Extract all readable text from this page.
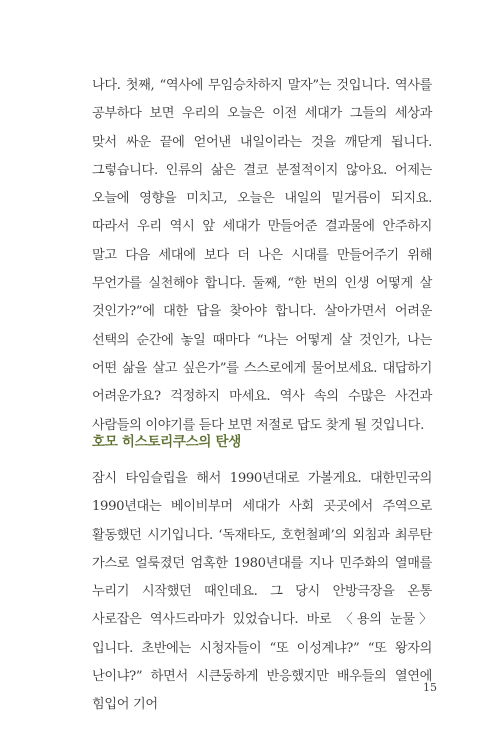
나다. 첫째, “역사에 무임승차하지 말자”는 것입니다. 역사를 공부하다 보면 우리의 오늘은 이전 세대가 그들의 세상과 맞서 싸운 끝에 얻어낸 내일이라는 것을 깨닫게 됩니다. 그렇습니다. 인류의 삶은 결코 분절적이지 않아요. 어제는 오늘에 영향을 미치고, 오늘은 내일의 밑거름이 되지요. 따라서 우리 역시 앞 세대가 만들어준 결과물에 안주하지 말고 다음 세대에 보다 더 나은 시대를 만들어주기 위해 무언가를 실천해야 합니다. 둘째, “한 번의 인생 어떻게 살 것인가?”에 대한 답을 찾아야 합니다. 살아가면서 어려운 선택의 순간에 놓일 때마다 “나는 어떻게 살 것인가, 나는 어떤 삶을 살고 싶은가”를 스스로에게 물어보세요. 대답하기 어려운가요? 걱정하지 마세요. 역사 속의 수많은 사건과 사람들의 이야기를 듣다 보면 저절로 답도 찾게 될 것입니다.

호모 히스토리쿠스의 탄생

잠시 타임슬립을 해서 1990년대로 가볼게요. 대한민국의 1990년대는 베이비부머 세대가 사회 곳곳에서 주역으로 활동했던 시기입니다. ‘독재타도, 호헌철폐’의 외침과 최루탄 가스로 얼룩졌던 엄혹한 1980년대를 지나 민주화의 열매를 누리기 시작했던 때인데요. 그 당시 안방극장을 온통 사로잡은 역사드라마가 있었습니다. 바로 〈용의 눈물〉입니다. 초반에는 시청자들이 “또 이성계냐?” “또 왕자의 난이냐?” 하면서 시큰둥하게 반응했지만 배우들의 열연에 힘입어 기어

15
